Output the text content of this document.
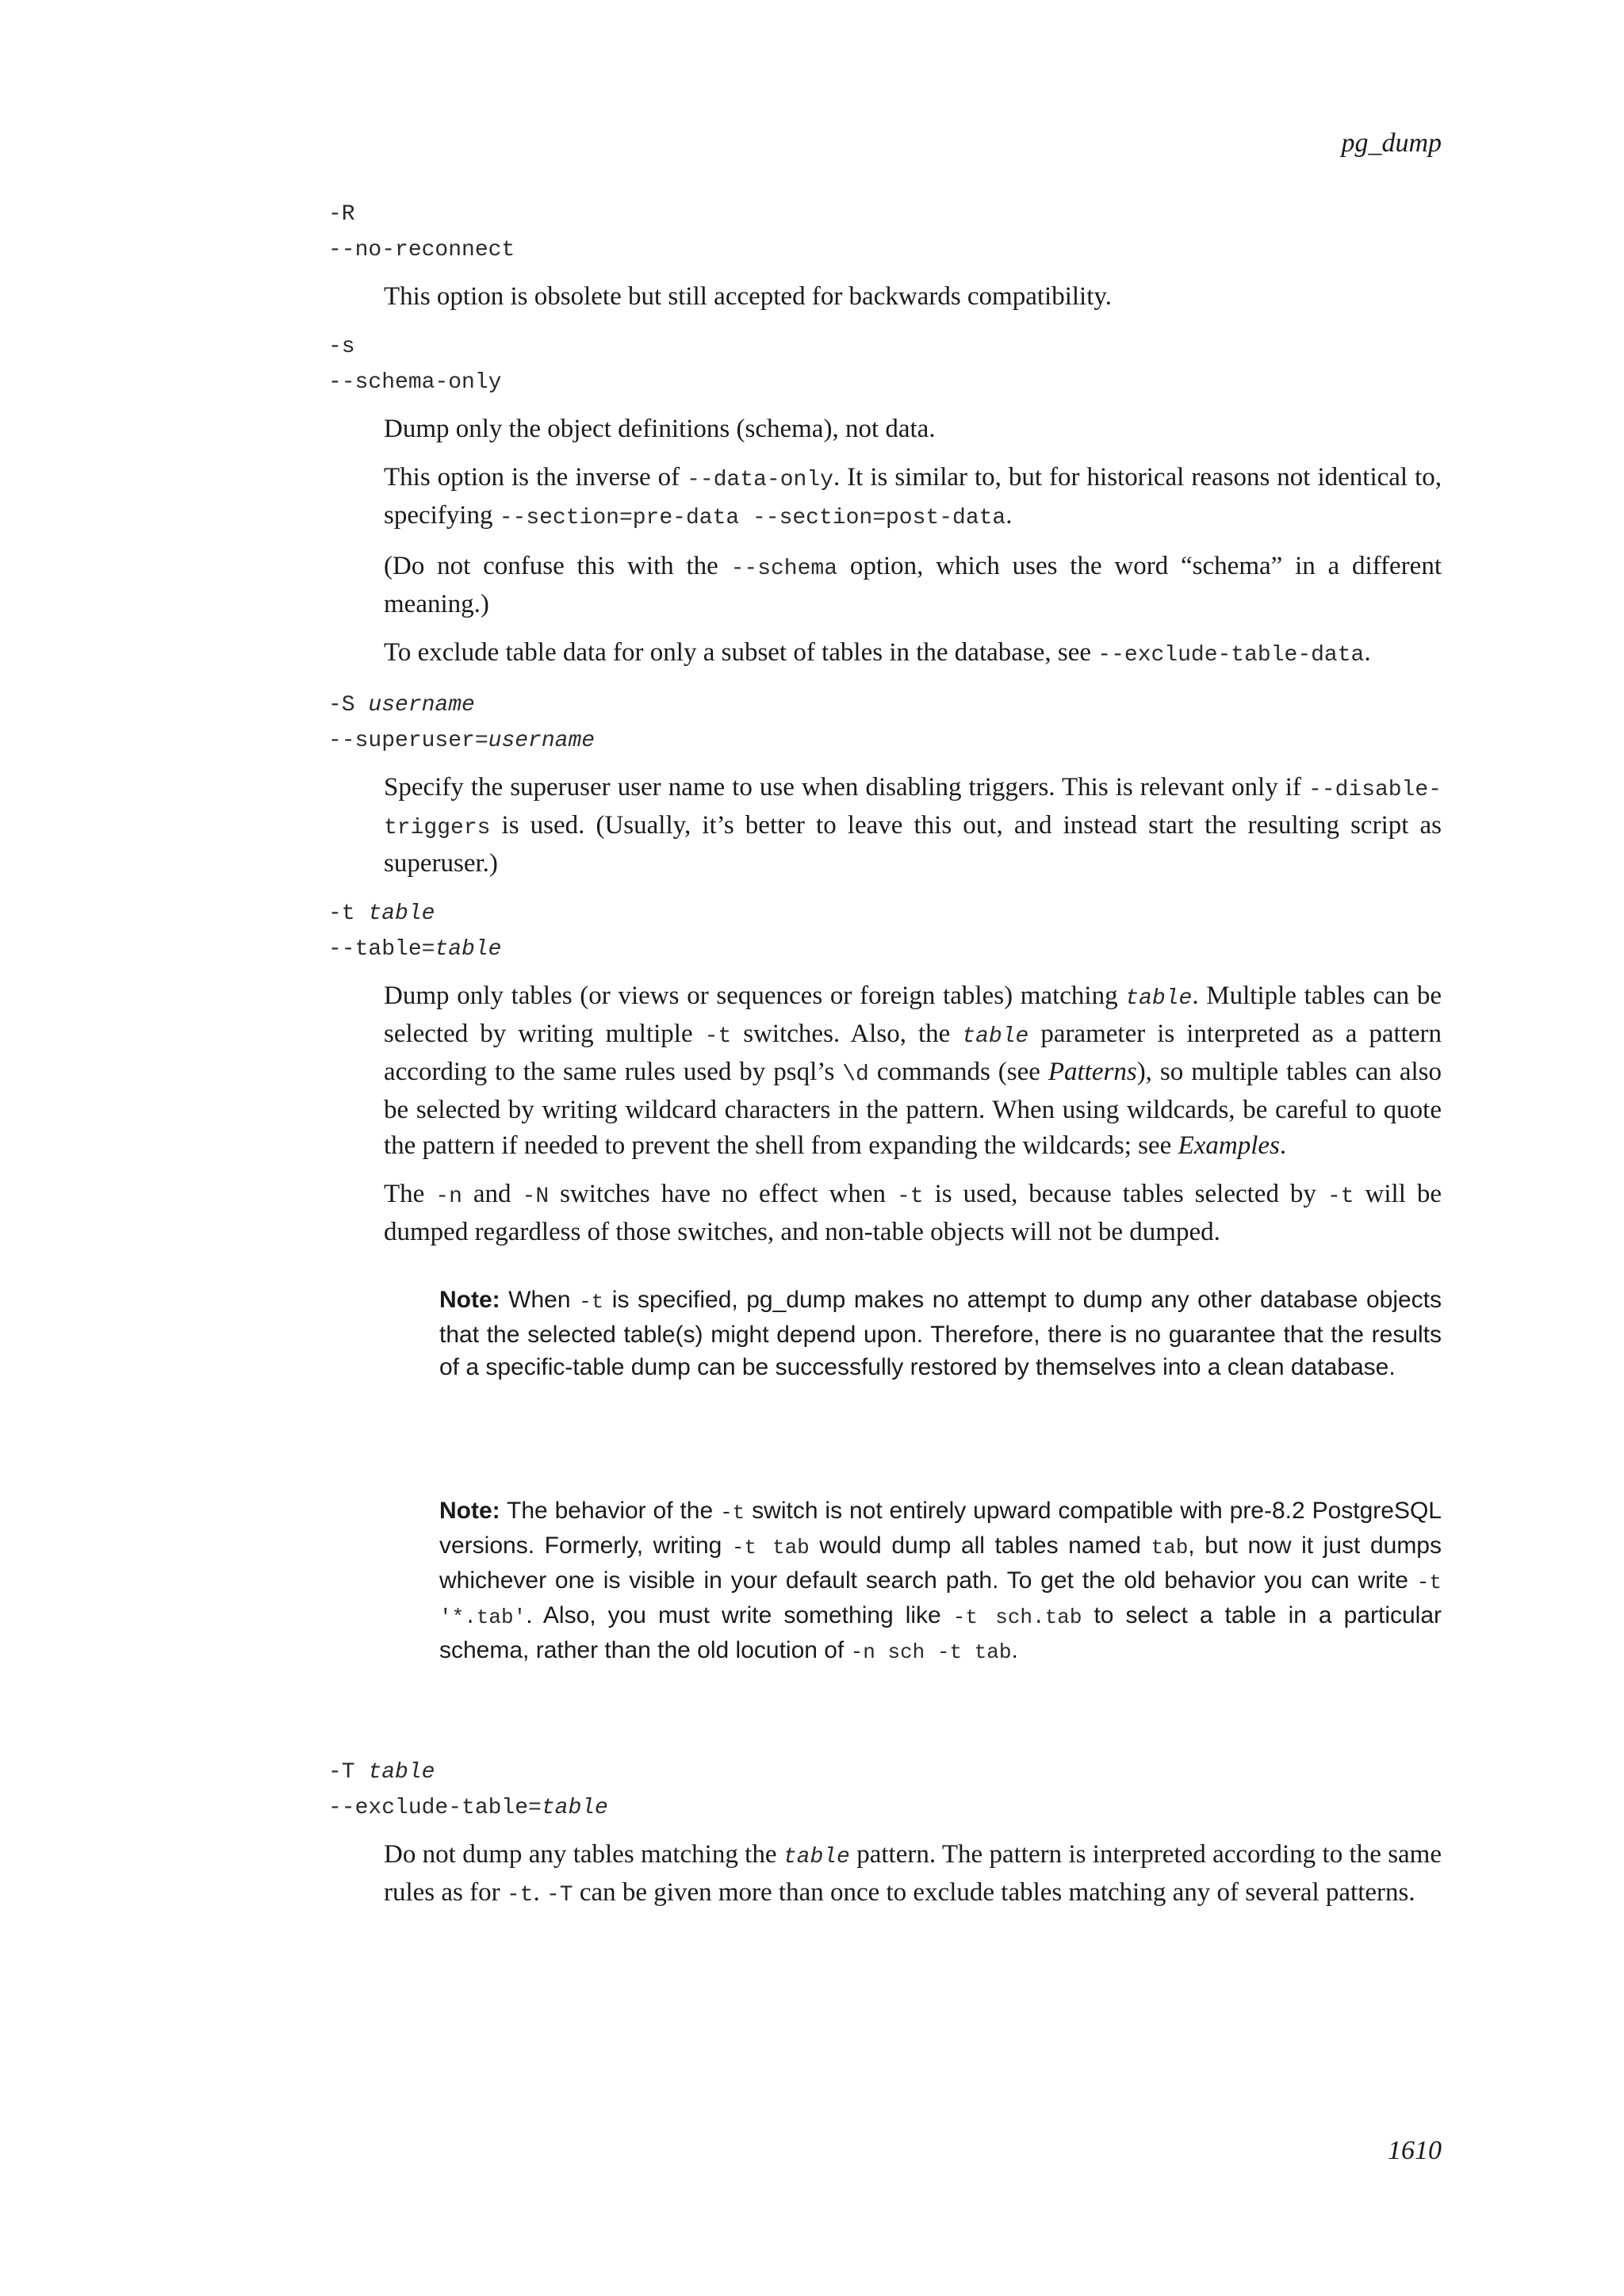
pg_dump
-R
--no-reconnect
This option is obsolete but still accepted for backwards compatibility.
-s
--schema-only
Dump only the object definitions (schema), not data.
This option is the inverse of --data-only. It is similar to, but for historical reasons not identical to, specifying --section=pre-data --section=post-data.
(Do not confuse this with the --schema option, which uses the word “schema” in a different meaning.)
To exclude table data for only a subset of tables in the database, see --exclude-table-data.
-S username
--superuser=username
Specify the superuser user name to use when disabling triggers. This is relevant only if --disable-triggers is used. (Usually, it’s better to leave this out, and instead start the resulting script as superuser.)
-t table
--table=table
Dump only tables (or views or sequences or foreign tables) matching table. Multiple tables can be selected by writing multiple -t switches. Also, the table parameter is interpreted as a pattern according to the same rules used by psql’s \d commands (see Patterns), so multiple tables can also be selected by writing wildcard characters in the pattern. When using wildcards, be careful to quote the pattern if needed to prevent the shell from expanding the wildcards; see Examples.
The -n and -N switches have no effect when -t is used, because tables selected by -t will be dumped regardless of those switches, and non-table objects will not be dumped.
Note: When -t is specified, pg_dump makes no attempt to dump any other database objects that the selected table(s) might depend upon. Therefore, there is no guarantee that the results of a specific-table dump can be successfully restored by themselves into a clean database.
Note: The behavior of the -t switch is not entirely upward compatible with pre-8.2 PostgreSQL versions. Formerly, writing -t tab would dump all tables named tab, but now it just dumps whichever one is visible in your default search path. To get the old behavior you can write -t '*.tab'. Also, you must write something like -t sch.tab to select a table in a particular schema, rather than the old locution of -n sch -t tab.
-T table
--exclude-table=table
Do not dump any tables matching the table pattern. The pattern is interpreted according to the same rules as for -t. -T can be given more than once to exclude tables matching any of several patterns.
1610
